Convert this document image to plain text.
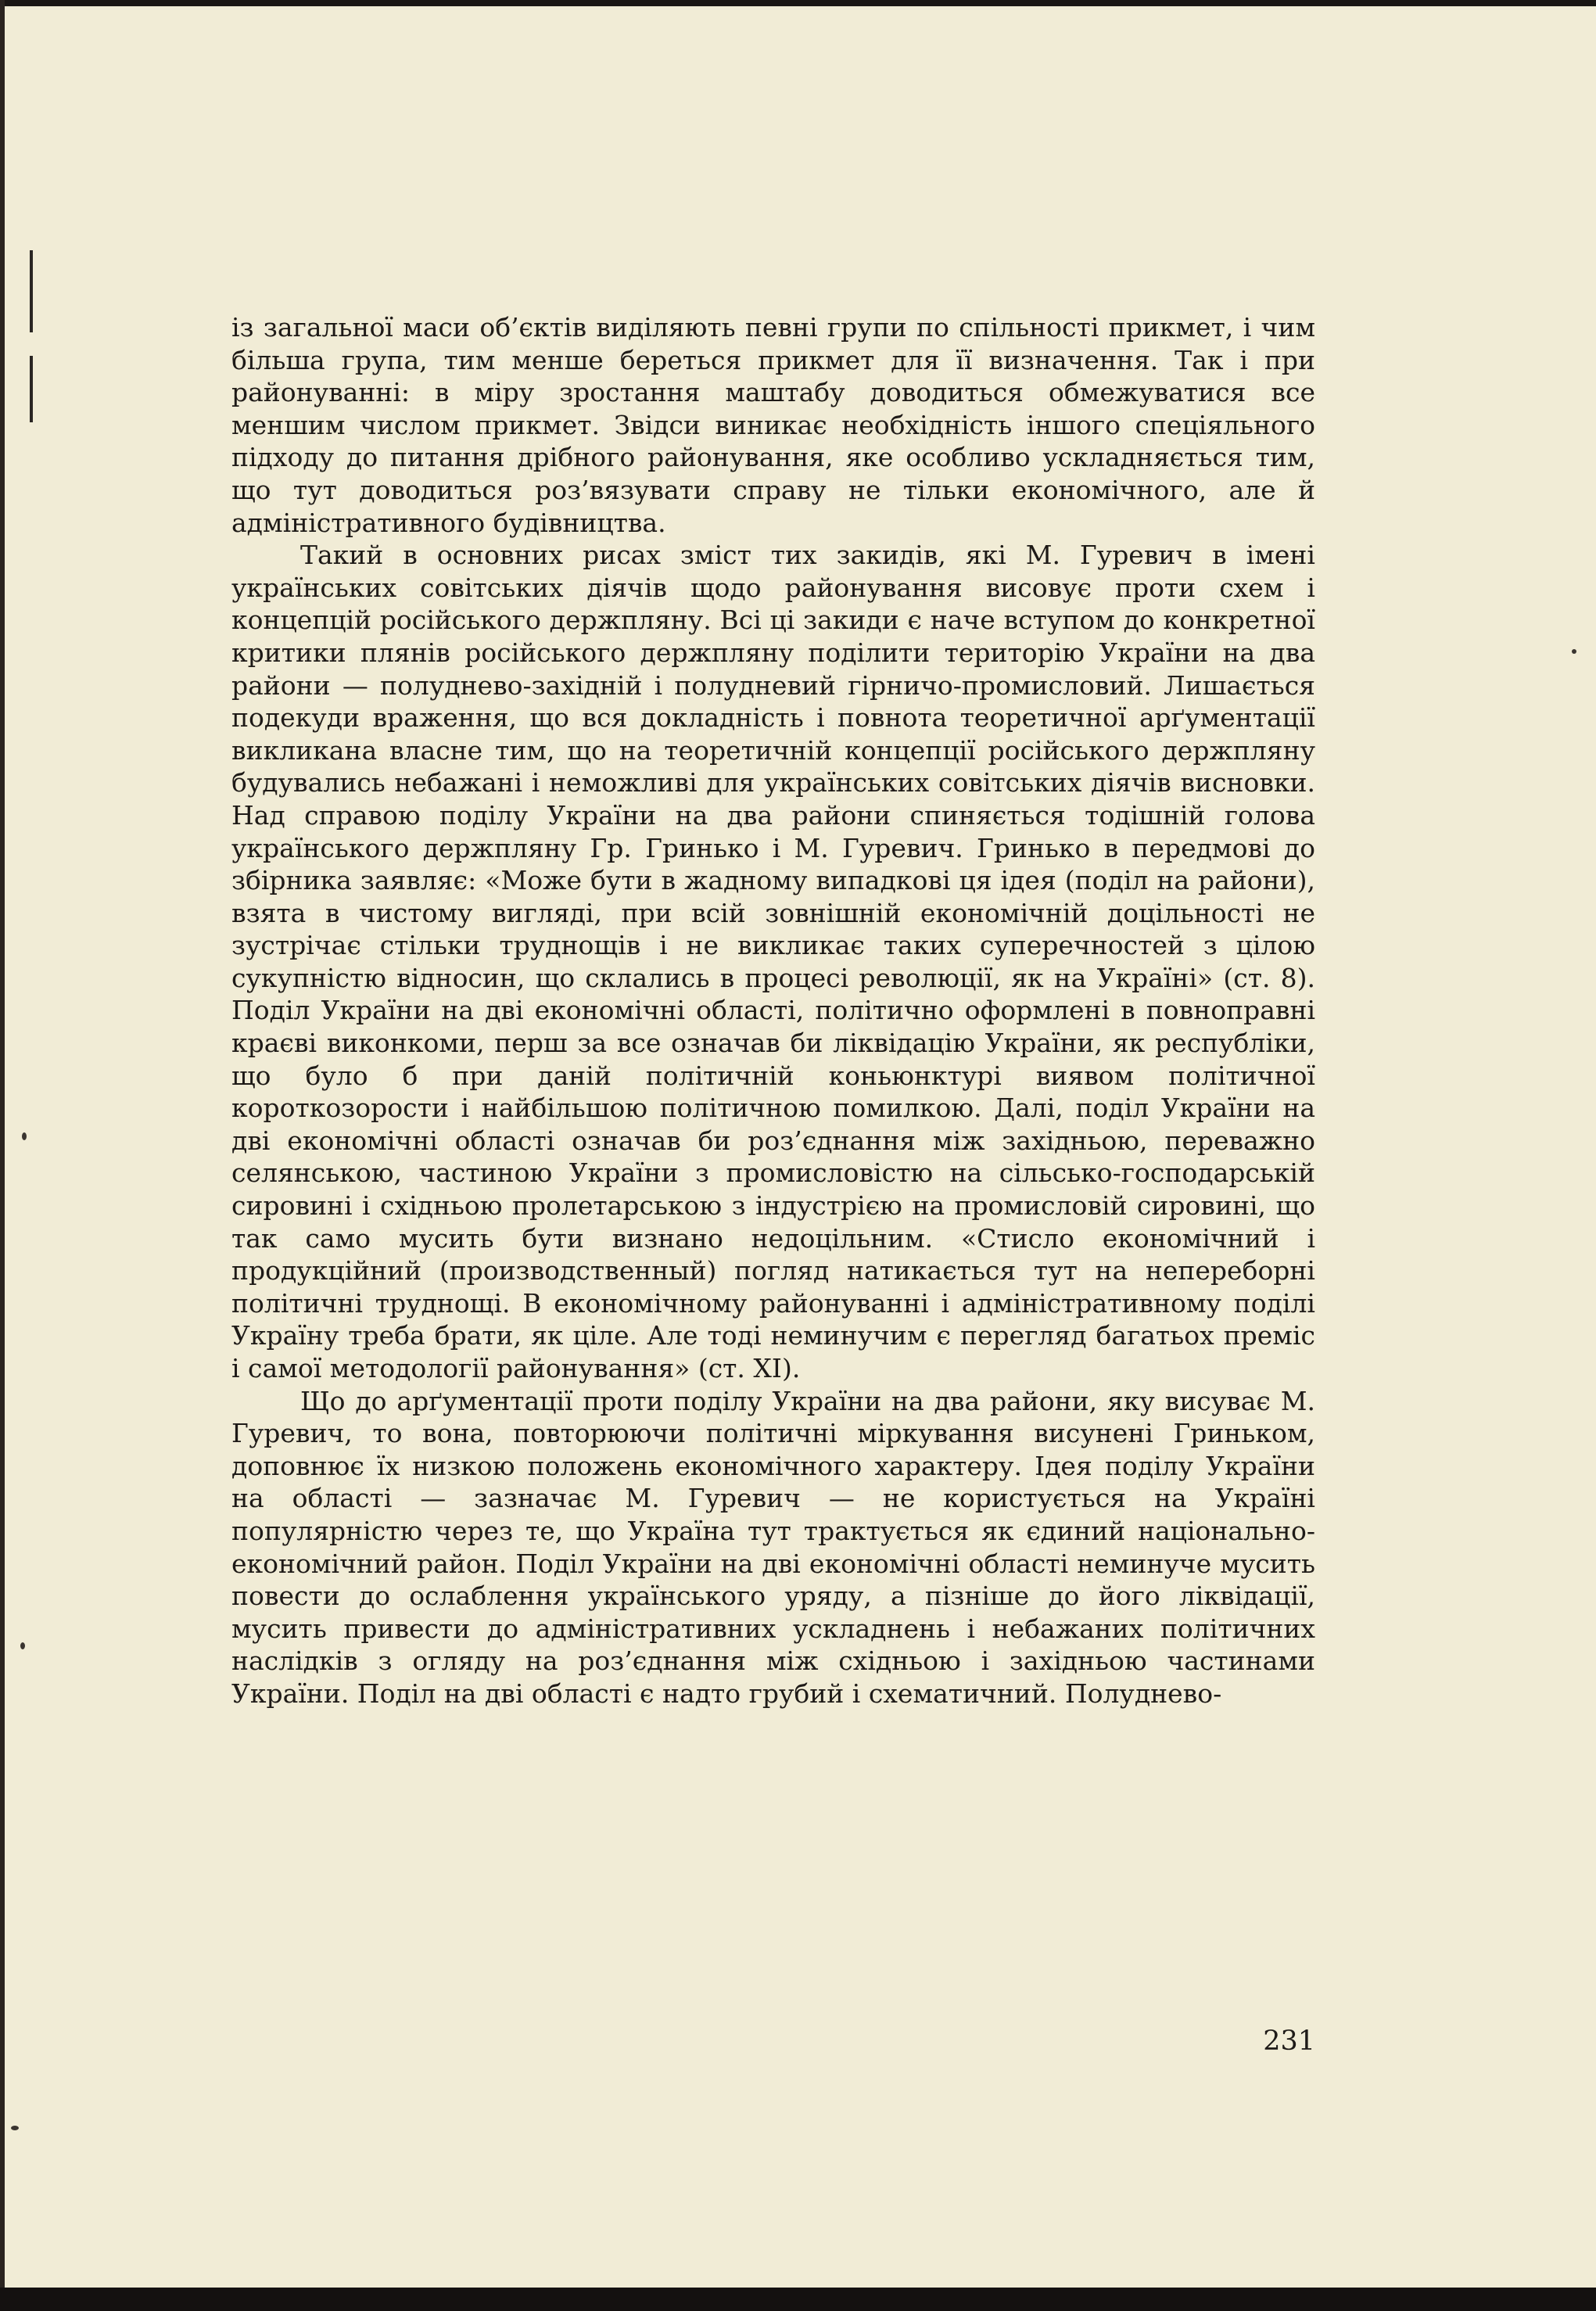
із загальної маси об’єктів виділяють певні групи по спільності прикмет, і чим більша група, тим менше береться прикмет для її визначення. Так і при районуванні: в міру зростання маштабу доводиться обмежуватися все меншим числом прикмет. Звідси виникає необхідність іншого спеціяльного підходу до питання дрібного районування, яке особливо ускладняється тим, що тут доводиться роз’вязувати справу не тільки економічного, але й адміністративного будівництва.

Такий в основних рисах зміст тих закидів, які М. Гуревич в імені українських совітських діячів щодо районування висовує проти схем і концепцій російського держпляну. Всі ці закиди є наче вступом до конкретної критики плянів російського держпляну поділити територію України на два райони — полуднево-західній і полудневий гірничо-промисловий. Лишається подекуди враження, що вся докладність і повнота теоретичної арґументації викликана власне тим, що на теоретичній концепції російського держпляну будувались небажані і неможливі для українських совітських діячів висновки. Над справою поділу України на два райони спиняється тодішній голова українського держпляну Гр. Гринько і М. Гуревич. Гринько в передмові до збірника заявляє: «Може бути в жадному випадкові ця ідея (поділ на райони), взята в чистому вигляді, при всій зовнішній економічній доцільності не зустрічає стільки труднощів і не викликає таких суперечностей з цілою сукупністю відносин, що склались в процесі революції, як на Україні» (ст. 8). Поділ України на дві економічні області, політично оформлені в повноправні краєві виконкоми, перш за все означав би ліквідацію України, як республіки, що було б при даній політичній коньюнктурі виявом політичної короткозорости і найбільшою політичною помилкою. Далі, поділ України на дві економічні області означав би роз’єднання між західньою, переважно селянською, частиною України з промисловістю на сільсько-господарській сировині і східньою пролетарською з індустрією на промисловій сировині, що так само мусить бути визнано недоцільним. «Стисло економічний і продукційний (производственный) погляд натикається тут на непереборні політичні труднощі. В економічному районуванні і адміністративному поділі Україну треба брати, як ціле. Але тоді неминучим є перегляд багатьох преміс і самої методології районування» (ст. XI).

Що до арґументації проти поділу України на два райони, яку висуває М. Гуревич, то вона, повторюючи політичні міркування висунені Гриньком, доповнює їх низкою положень економічного характеру. Ідея поділу України на області — зазначає М. Гуревич — не користується на Україні популярністю через те, що Україна тут трактується як єдиний національно-економічний район. Поділ України на дві економічні області неминуче мусить повести до ослаблення українського уряду, а пізніше до його ліквідації, мусить привести до адміністративних ускладнень і небажаних політичних наслідків з огляду на роз’єднання між східньою і західньою частинами України. Поділ на дві області є надто грубий і схематичний. Полудневo-

231
